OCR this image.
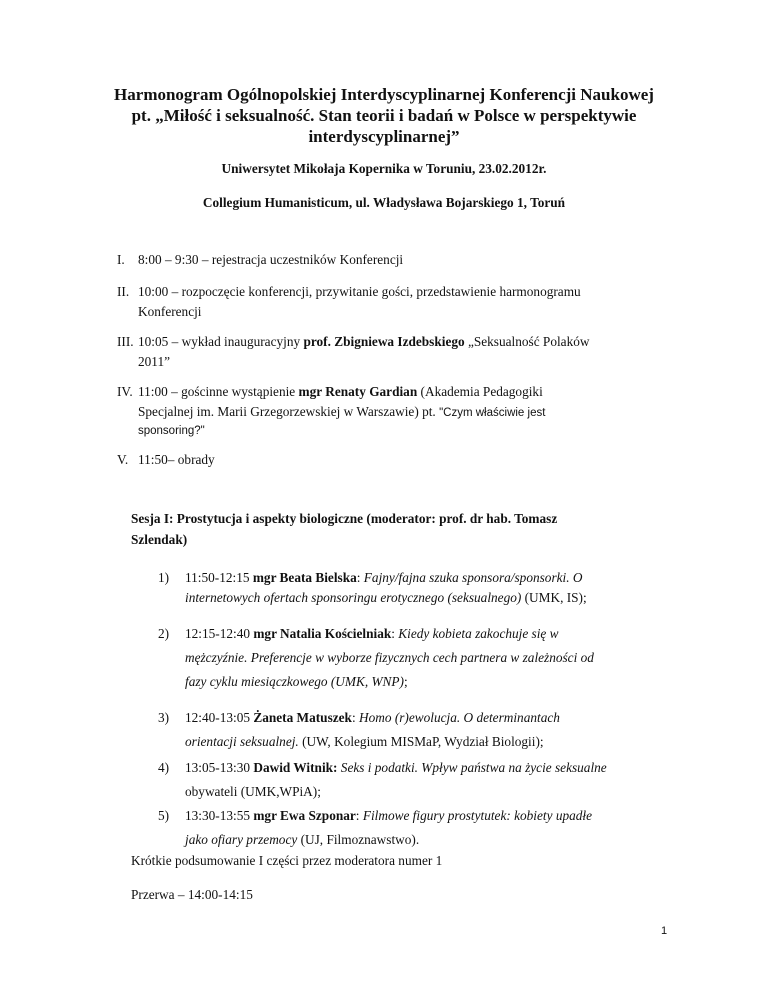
Harmonogram Ogólnopolskiej Interdyscyplinarnej Konferencji Naukowej
pt. „Miłość i seksualność. Stan teorii i badań w Polsce w perspektywie
interdyscyplinarnej”
Uniwersytet Mikołaja Kopernika w Toruniu, 23.02.2012r.
Collegium Humanisticum, ul. Władysława Bojarskiego 1, Toruń
I. 8:00 – 9:30 – rejestracja uczestników Konferencji
II. 10:00 – rozpoczęcie konferencji, przywitanie gości, przedstawienie harmonogramu
Konferencji
III. 10:05 – wykład inauguracyjny prof. Zbigniewa Izdebskiego „Seksualność Polaków
2011”
IV. 11:00 – gościnne wystąpienie mgr Renaty Gardian (Akademia Pedagogiki
Specjalnej im. Marii Grzegorzewskiej w Warszawie) pt. "Czym właściwie jest
sponsoring?"
V. 11:50– obrady
Sesja I: Prostytucja i aspekty biologiczne (moderator: prof. dr hab. Tomasz
Szlendak)
1)	11:50-12:15 mgr Beata Bielska: Fajny/fajna szuka sponsora/sponsorki. O
internetowych ofertach sponsoringu erotycznego (seksualnego) (UMK, IS);
2)	12:15-12:40 mgr Natalia Kościelniak: Kiedy kobieta zakochuje się w
mężczyźnie. Preferencje w wyborze fizycznych cech partnera w zależności od
fazy cyklu miesiączkowego (UMK, WNP);
3)	12:40-13:05 Żaneta Matuszek: Homo (r)ewolucja. O determinantach
orientacji seksualnej. (UW, Kolegium MISMaP, Wydział Biologii);
4)	13:05-13:30 Dawid Witnik: Seks i podatki. Wpływ państwa na życie seksualne
obywateli (UMK,WPiA);
5)	13:30-13:55 mgr Ewa Szponar: Filmowe figury prostytutek: kobiety upadłe
jako ofiary przemocy (UJ, Filmoznawstwo).
Krótkie podsumowanie I części przez moderatora numer 1
Przerwa – 14:00-14:15
1
